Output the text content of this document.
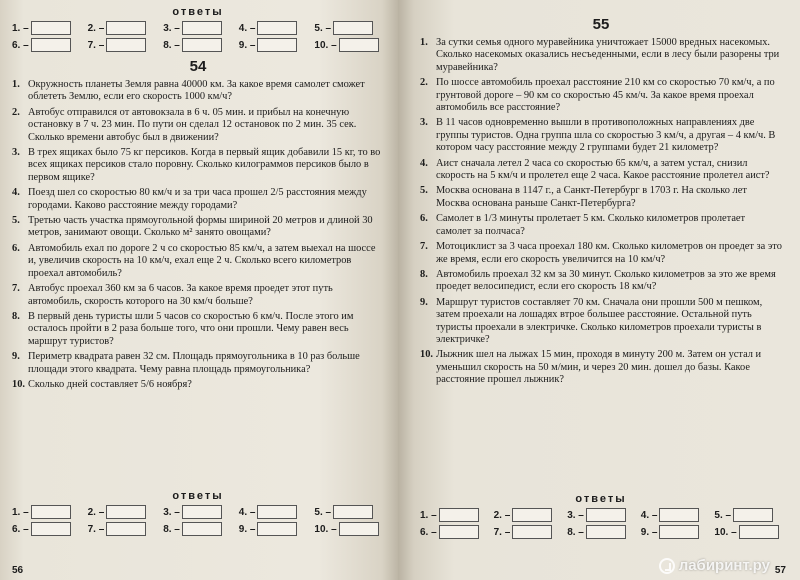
ответы
1. –	2. –	3. –	4. –	5. –
6. –	7. –	8. –	9. –	10. –
54
1. Окружность планеты Земля равна 40000 км. За какое время самолет сможет облететь Землю, если его скорость 1000 км/ч?
2. Автобус отправился от автовокзала в 6 ч. 05 мин. и прибыл на конечную остановку в 7 ч. 23 мин. По пути он сделал 12 остановок по 2 мин. 35 сек. Сколько времени автобус был в движении?
3. В трех ящиках было 75 кг персиков. Когда в первый ящик добавили 15 кг, то во всех ящиках персиков стало поровну. Сколько килограммов персиков было в первом ящике?
4. Поезд шел со скоростью 80 км/ч и за три часа прошел 2/5 расстояния между городами. Каково расстояние между городами?
5. Третью часть участка прямоугольной формы шириной 20 метров и длиной 30 метров, занимают овощи. Сколько м² занято овощами?
6. Автомобиль ехал по дороге 2 ч со скоростью 85 км/ч, а затем выехал на шоссе и, увеличив скорость на 10 км/ч, ехал еще 2 ч. Сколько всего километров проехал автомобиль?
7. Автобус проехал 360 км за 6 часов. За какое время проедет этот путь автомобиль, скорость которого на 30 км/ч больше?
8. В первый день туристы шли 5 часов со скоростью 6 км/ч. После этого им осталось пройти в 2 раза больше того, что они прошли. Чему равен весь маршрут туристов?
9. Периметр квадрата равен 32 см. Площадь прямоугольника в 10 раз больше площади этого квадрата. Чему равна площадь прямоугольника?
10. Сколько дней составляет 5/6 ноября?
ответы
1. –	2. –	3. –	4. –	5. –
6. –	7. –	8. –	9. –	10. –
56
55
1. За сутки семья одного муравейника уничтожает 15000 вредных насекомых. Сколько насекомых оказались несъеденными, если в лесу были разорены три муравейника?
2. По шоссе автомобиль проехал расстояние 210 км со скоростью 70 км/ч, а по грунтовой дороге – 90 км со скоростью 45 км/ч. За какое время проехал автомобиль все расстояние?
3. В 11 часов одновременно вышли в противоположных направлениях две группы туристов. Одна группа шла со скоростью 3 км/ч, а другая – 4 км/ч. В котором часу расстояние между 2 группами будет 21 километр?
4. Аист сначала летел 2 часа со скоростью 65 км/ч, а затем устал, снизил скорость на 5 км/ч и пролетел еще 2 часа. Какое расстояние пролетел аист?
5. Москва основана в 1147 г., а Санкт-Петербург в 1703 г. На сколько лет Москва основана раньше Санкт-Петербурга?
6. Самолет в 1/3 минуты пролетает 5 км. Сколько километров пролетает самолет за полчаса?
7. Мотоциклист за 3 часа проехал 180 км. Сколько километров он проедет за это же время, если его скорость увеличится на 10 км/ч?
8. Автомобиль проехал 32 км за 30 минут. Сколько километров за это же время проедет велосипедист, если его скорость 18 км/ч?
9. Маршрут туристов составляет 70 км. Сначала они прошли 500 м пешком, затем проехали на лошадях втрое большее расстояние. Остальной путь туристы проехали в электричке. Сколько километров проехали туристы в электричке?
10. Лыжник шел на лыжах 15 мин, проходя в минуту 200 м. Затем он устал и уменьшил скорость на 50 м/мин, и через 20 мин. дошел до базы. Какое расстояние прошел лыжник?
ответы
1. –	2. –	3. –	4. –	5. –
6. –	7. –	8. –	9. –	10. –
57
лабиринт.ру
